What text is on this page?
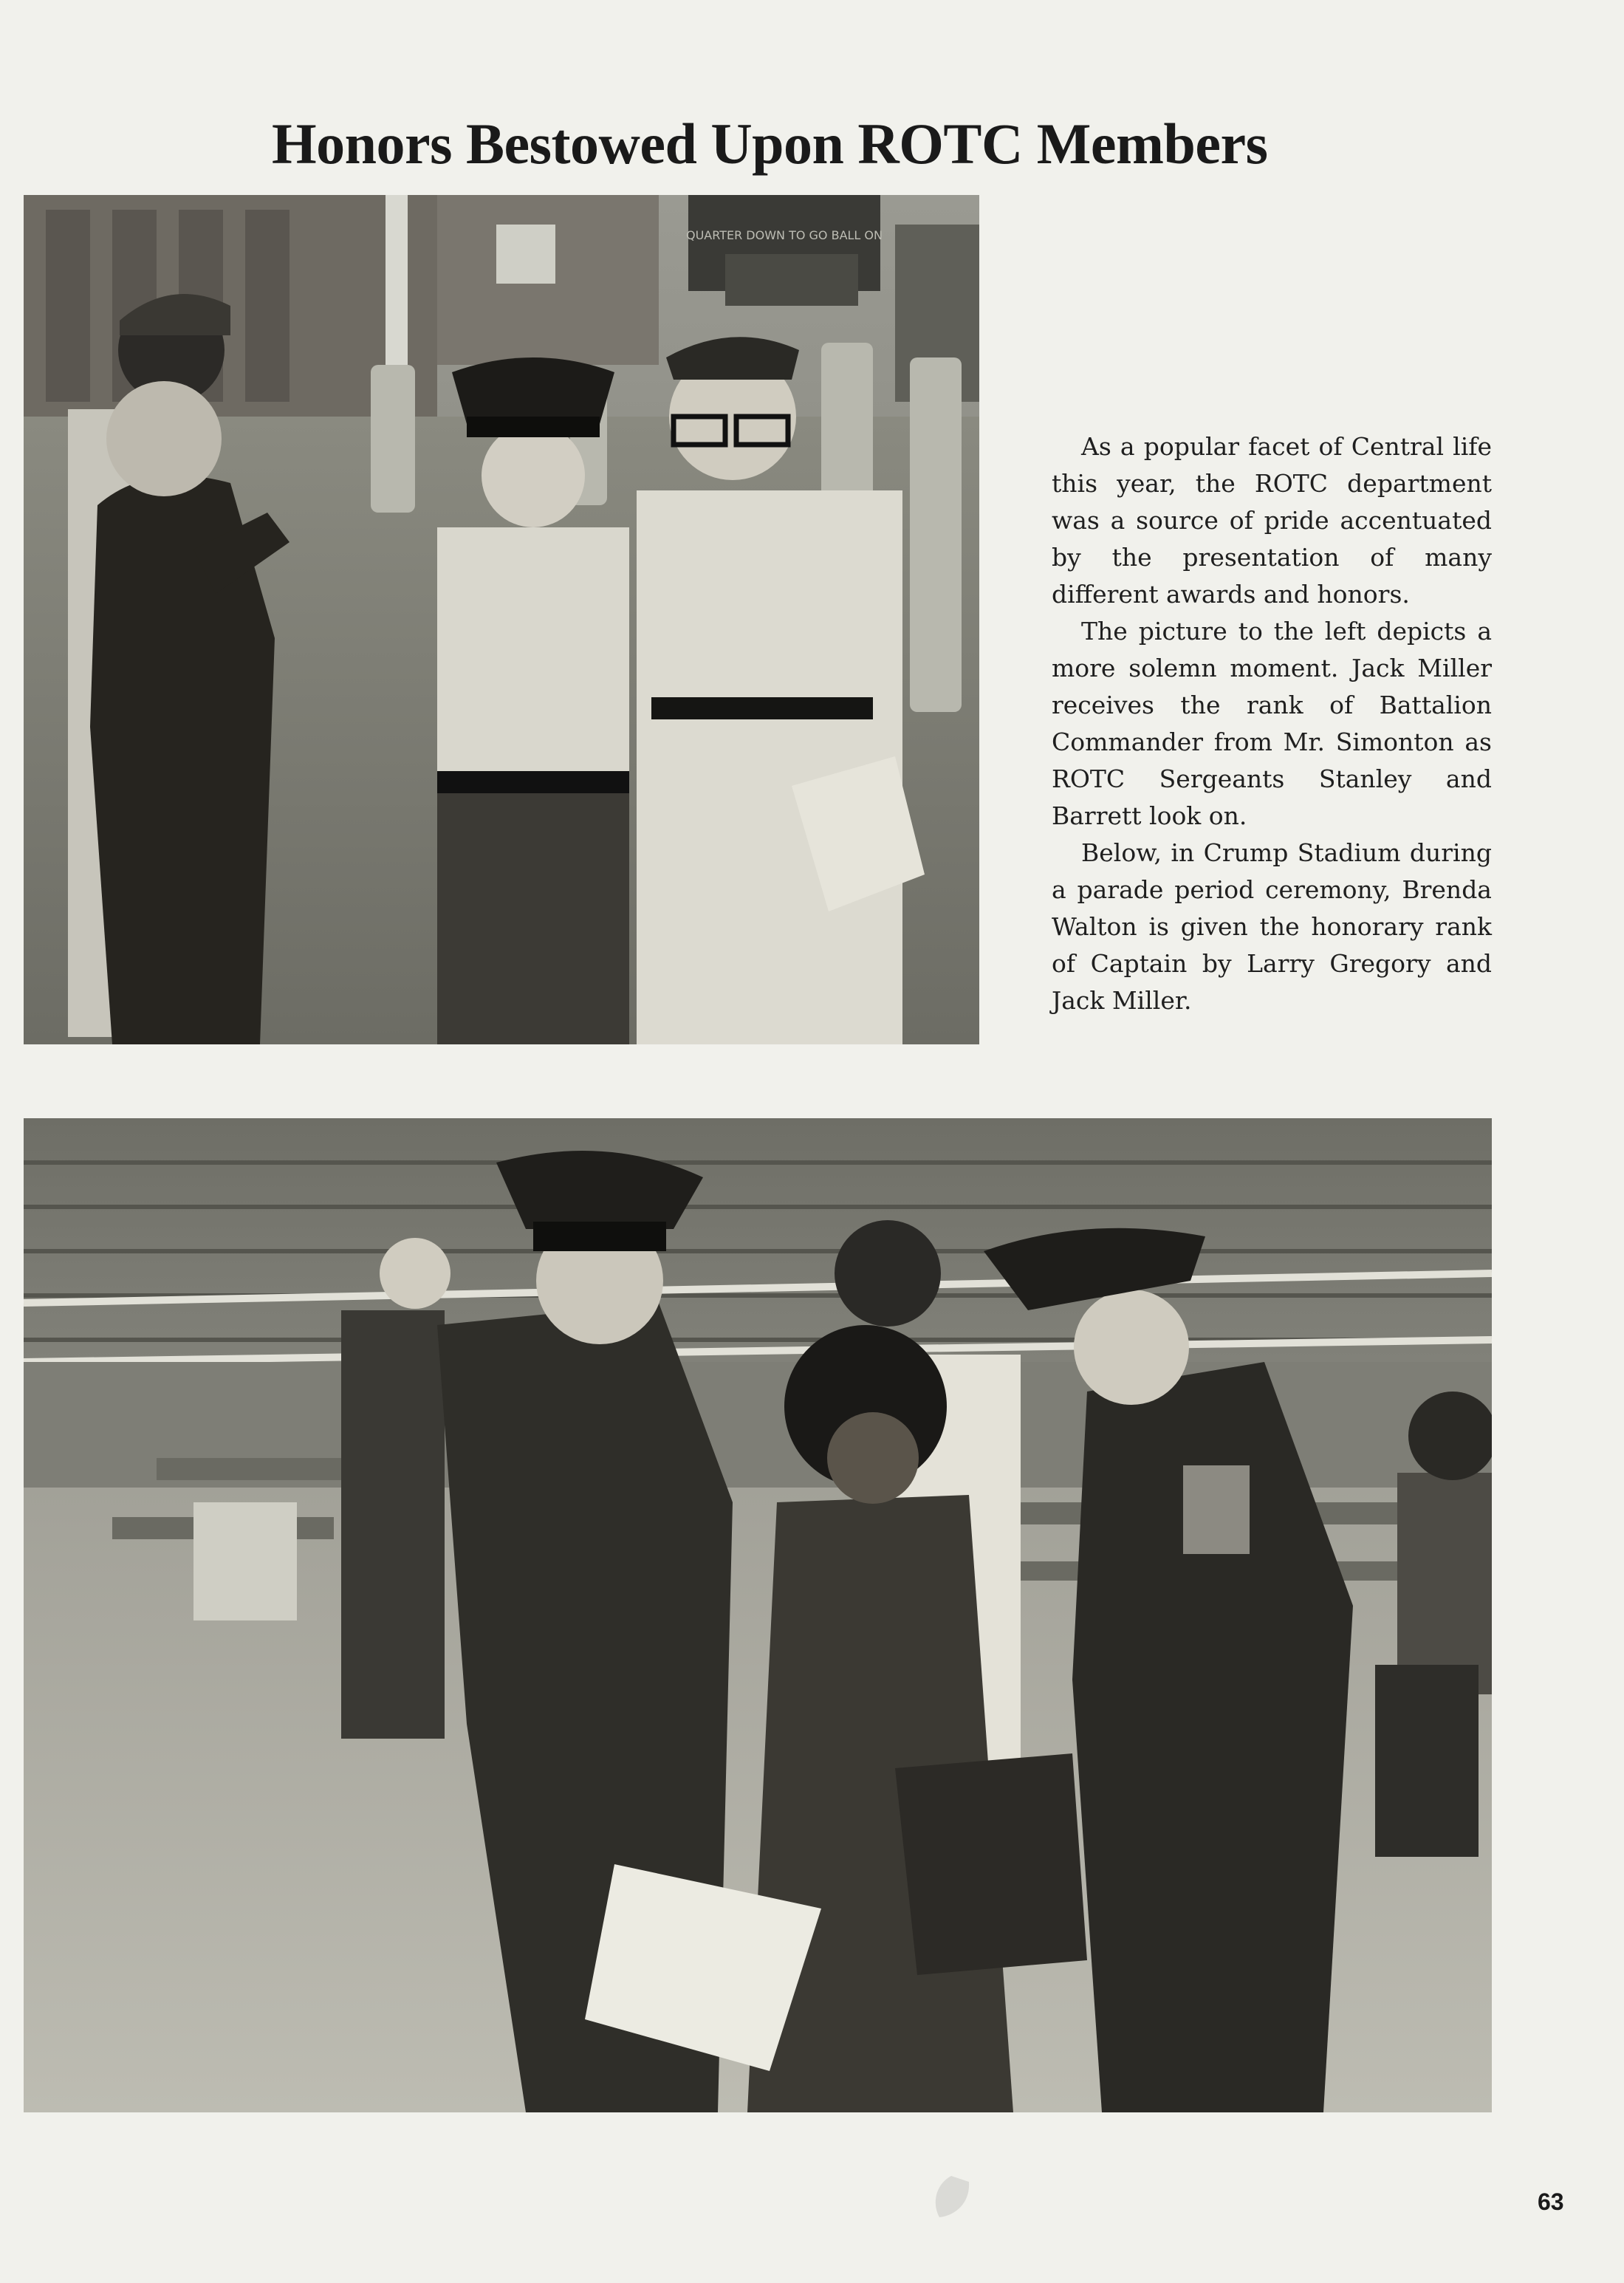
Honors Bestowed Upon ROTC Members
QUARTER DOWN TO GO BALL ON

As a popular facet of Central life this year, the ROTC department was a source of pride accentuated by the presentation of many different awards and honors.

The picture to the left depicts a more solemn moment. Jack Miller receives the rank of Battalion Commander from Mr. Simonton as ROTC Sergeants Stanley and Barrett look on.

Below, in Crump Stadium during a parade period ceremony, Brenda Walton is given the honorary rank of Captain by Larry Gregory and Jack Miller.

63
